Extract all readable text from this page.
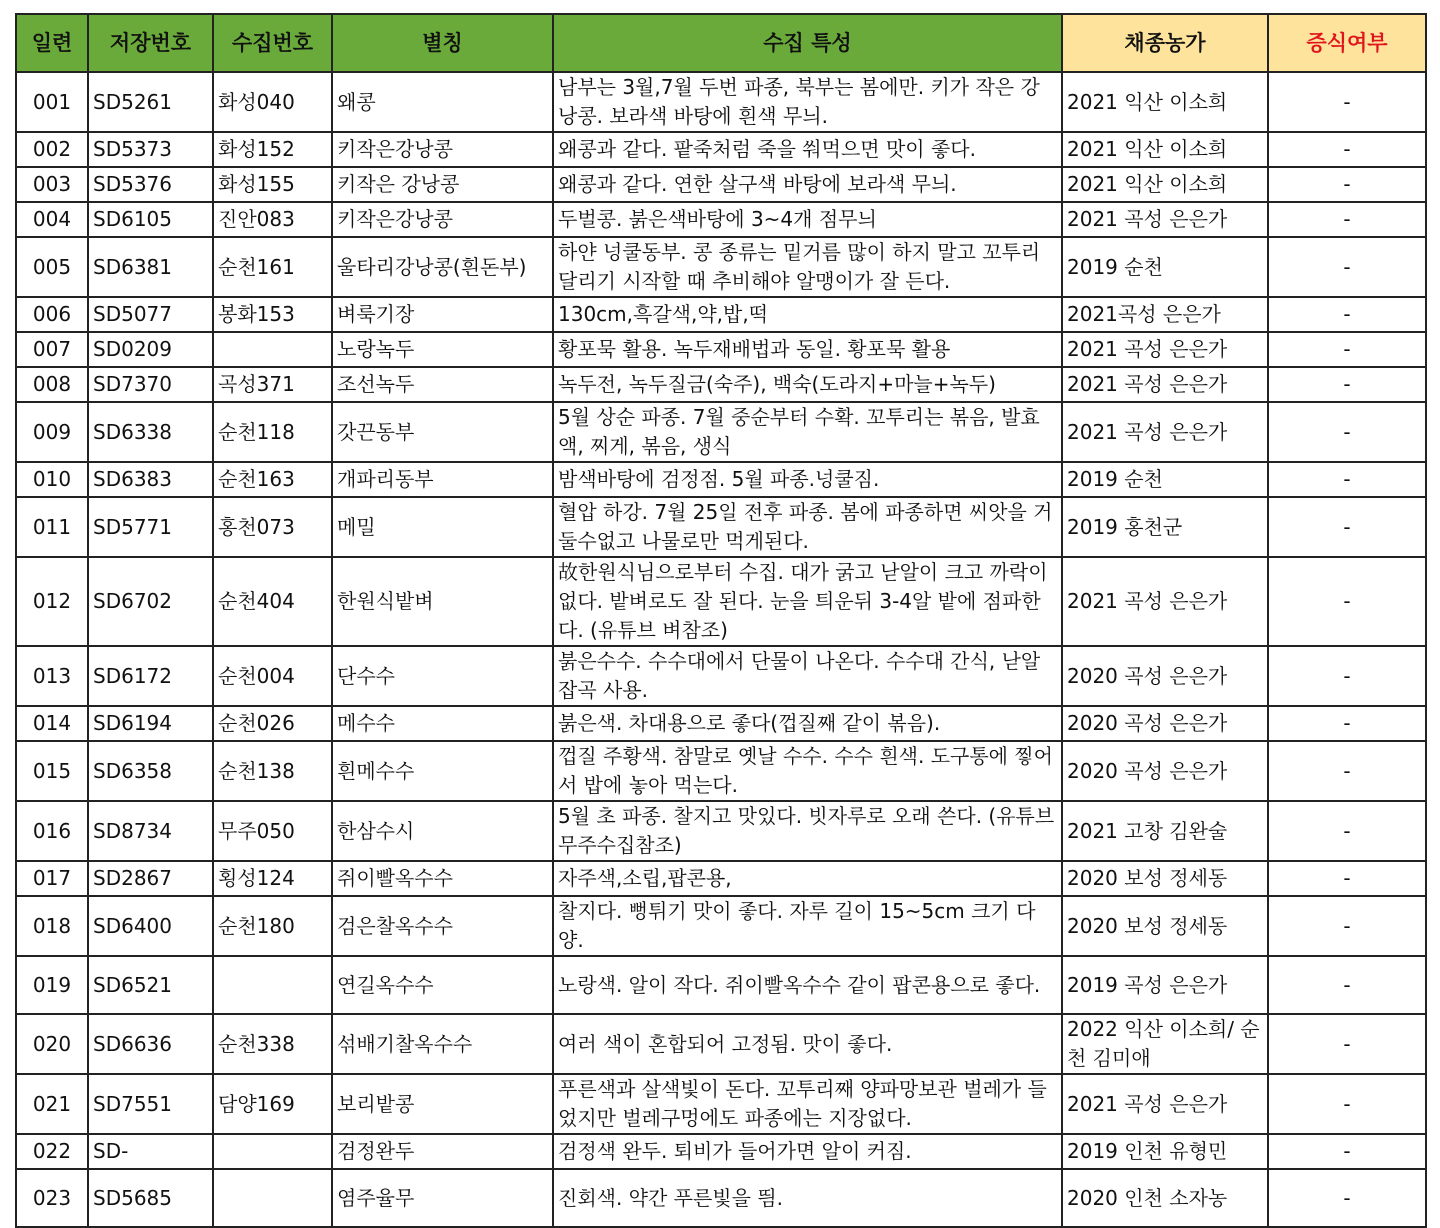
일련	저장번호	수집번호	별칭	수집 특성	채종농가	증식여부
001	SD5261	화성040	왜콩	남부는 3월,7월 두번 파종, 북부는 봄에만. 키가 작은 강낭콩. 보라색 바탕에 흰색 무늬.	2021 익산 이소희	-
002	SD5373	화성152	키작은강낭콩	왜콩과 같다. 팥죽처럼 죽을 쒀먹으면 맛이 좋다.	2021 익산 이소희	-
003	SD5376	화성155	키작은 강낭콩	왜콩과 같다. 연한 살구색 바탕에 보라색 무늬.	2021 익산 이소희	-
004	SD6105	진안083	키작은강낭콩	두벌콩. 붉은색바탕에 3~4개 점무늬	2021 곡성 은은가	-
005	SD6381	순천161	울타리강낭콩(흰돈부)	하얀 넝쿨동부. 콩 종류는 밑거름 많이 하지 말고 꼬투리 달리기 시작할 때 추비해야 알맹이가 잘 든다.	2019 순천	-
006	SD5077	봉화153	벼룩기장	130cm,흑갈색,약,밥,떡	2021곡성 은은가	-
007	SD0209		노랑녹두	황포묵 활용. 녹두재배법과 동일. 황포묵 활용	2021 곡성 은은가	-
008	SD7370	곡성371	조선녹두	녹두전, 녹두질금(숙주), 백숙(도라지+마늘+녹두)	2021 곡성 은은가	-
009	SD6338	순천118	갓끈동부	5월 상순 파종. 7월 중순부터 수확. 꼬투리는 볶음, 발효액, 찌게, 볶음, 생식	2021 곡성 은은가	-
010	SD6383	순천163	개파리동부	밤색바탕에 검정점. 5월 파종.넝쿨짐.	2019 순천	-
011	SD5771	홍천073	메밀	혈압 하강. 7월 25일 전후 파종. 봄에 파종하면 씨앗을 거둘수없고 나물로만 먹게된다.	2019 홍천군	-
012	SD6702	순천404	한원식밭벼	故한원식님으로부터 수집. 대가 굵고 낟알이 크고 까락이 없다. 밭벼로도 잘 된다. 눈을 틔운뒤 3-4알 밭에 점파한다. (유튜브 벼참조)	2021 곡성 은은가	-
013	SD6172	순천004	단수수	붉은수수. 수수대에서 단물이 나온다. 수수대 간식, 낟알 잡곡 사용.	2020 곡성 은은가	-
014	SD6194	순천026	메수수	붉은색. 차대용으로 좋다(껍질째 같이 볶음).	2020 곡성 은은가	-
015	SD6358	순천138	흰메수수	껍질 주황색. 참말로 옛날 수수. 수수 흰색. 도구통에 찧어서 밥에 놓아 먹는다.	2020 곡성 은은가	-
016	SD8734	무주050	한삼수시	5월 초 파종. 찰지고 맛있다. 빗자루로 오래 쓴다. (유튜브 무주수집참조)	2021 고창 김완술	-
017	SD2867	횡성124	쥐이빨옥수수	자주색,소립,팝콘용,	2020 보성 정세동	-
018	SD6400	순천180	검은찰옥수수	찰지다. 뻥튀기 맛이 좋다. 자루 길이 15~5cm 크기 다양.	2020 보성 정세동	-
019	SD6521		연길옥수수	노랑색. 알이 작다. 쥐이빨옥수수 같이 팝콘용으로 좋다.	2019 곡성 은은가	-
020	SD6636	순천338	섞배기찰옥수수	여러 색이 혼합되어 고정됨. 맛이 좋다.	2022 익산 이소희/ 순천 김미애	-
021	SD7551	담양169	보리밭콩	푸른색과 살색빛이 돈다. 꼬투리째 양파망보관 벌레가 들었지만 벌레구멍에도 파종에는 지장없다.	2021 곡성 은은가	-
022	SD-		검정완두	검정색 완두. 퇴비가 들어가면 알이 커짐.	2019 인천 유형민	-
023	SD5685		염주율무	진회색. 약간 푸른빛을 띔.	2020 인천 소자농	-
